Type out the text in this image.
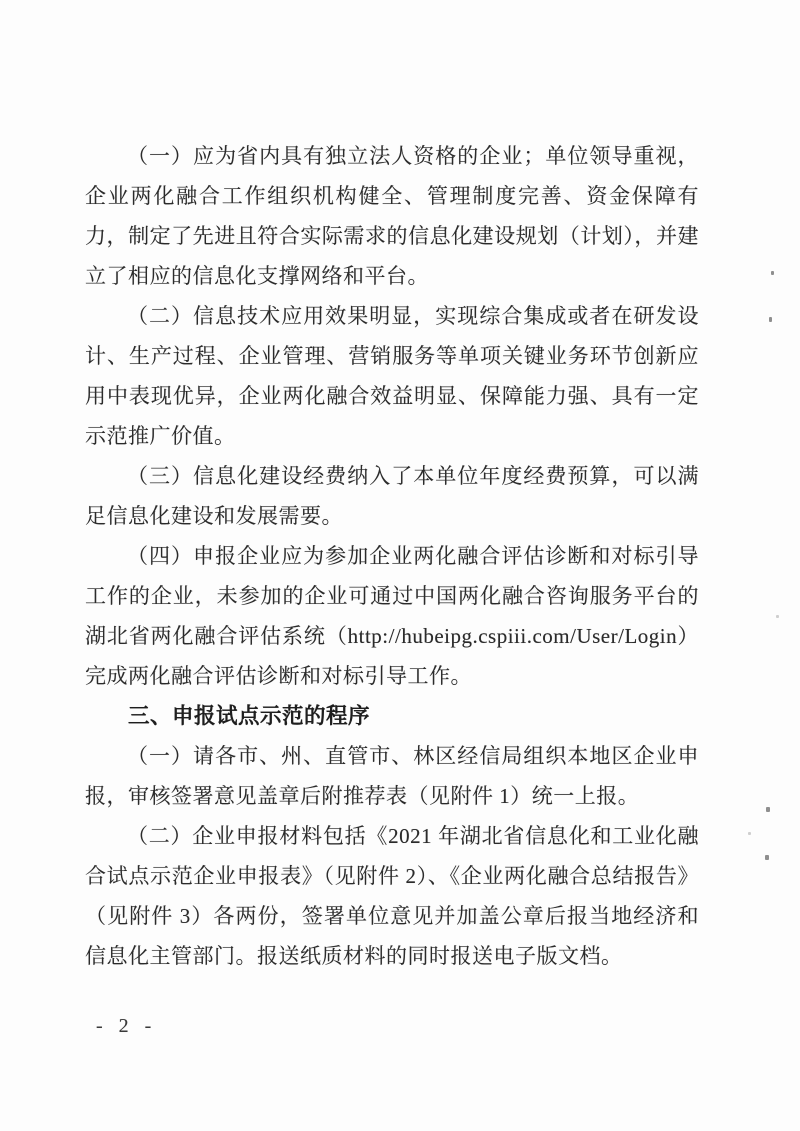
（一）应为省内具有独立法人资格的企业；单位领导重视，企业两化融合工作组织机构健全、管理制度完善、资金保障有力，制定了先进且符合实际需求的信息化建设规划（计划），并建立了相应的信息化支撑网络和平台。

（二）信息技术应用效果明显，实现综合集成或者在研发设计、生产过程、企业管理、营销服务等单项关键业务环节创新应用中表现优异，企业两化融合效益明显、保障能力强、具有一定示范推广价值。

（三）信息化建设经费纳入了本单位年度经费预算，可以满足信息化建设和发展需要。

（四）申报企业应为参加企业两化融合评估诊断和对标引导工作的企业，未参加的企业可通过中国两化融合咨询服务平台的湖北省两化融合评估系统（http://hubeipg.cspiii.com/User/Login）完成两化融合评估诊断和对标引导工作。

三、申报试点示范的程序

（一）请各市、州、直管市、林区经信局组织本地区企业申报，审核签署意见盖章后附推荐表（见附件 1）统一上报。

（二）企业申报材料包括《2021 年湖北省信息化和工业化融合试点示范企业申报表》（见附件 2）、《企业两化融合总结报告》（见附件 3）各两份，签署单位意见并加盖公章后报当地经济和信息化主管部门。报送纸质材料的同时报送电子版文档。

- 2 -
